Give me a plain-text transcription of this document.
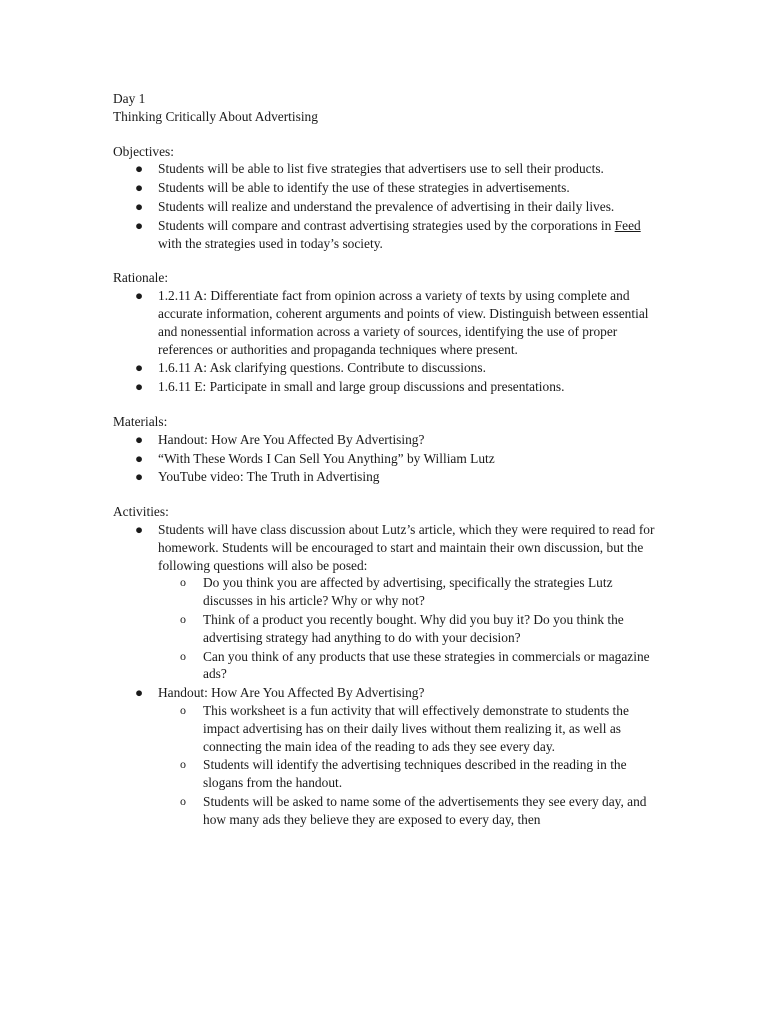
Day 1
Thinking Critically About Advertising
Objectives:
● Students will be able to list five strategies that advertisers use to sell their products.
● Students will be able to identify the use of these strategies in advertisements.
● Students will realize and understand the prevalence of advertising in their daily lives.
● Students will compare and contrast advertising strategies used by the corporations in Feed with the strategies used in today’s society.
Rationale:
● 1.2.11 A: Differentiate fact from opinion across a variety of texts by using complete and accurate information, coherent arguments and points of view. Distinguish between essential and nonessential information across a variety of sources, identifying the use of proper references or authorities and propaganda techniques where present.
● 1.6.11 A: Ask clarifying questions. Contribute to discussions.
● 1.6.11 E: Participate in small and large group discussions and presentations.
Materials:
● Handout: How Are You Affected By Advertising?
● “With These Words I Can Sell You Anything” by William Lutz
● YouTube video: The Truth in Advertising
Activities:
● Students will have class discussion about Lutz’s article, which they were required to read for homework. Students will be encouraged to start and maintain their own discussion, but the following questions will also be posed:
o Do you think you are affected by advertising, specifically the strategies Lutz discusses in his article? Why or why not?
o Think of a product you recently bought. Why did you buy it? Do you think the advertising strategy had anything to do with your decision?
o Can you think of any products that use these strategies in commercials or magazine ads?
● Handout: How Are You Affected By Advertising?
o This worksheet is a fun activity that will effectively demonstrate to students the impact advertising has on their daily lives without them realizing it, as well as connecting the main idea of the reading to ads they see every day.
o Students will identify the advertising techniques described in the reading in the slogans from the handout.
o Students will be asked to name some of the advertisements they see every day, and how many ads they believe they are exposed to every day, then
